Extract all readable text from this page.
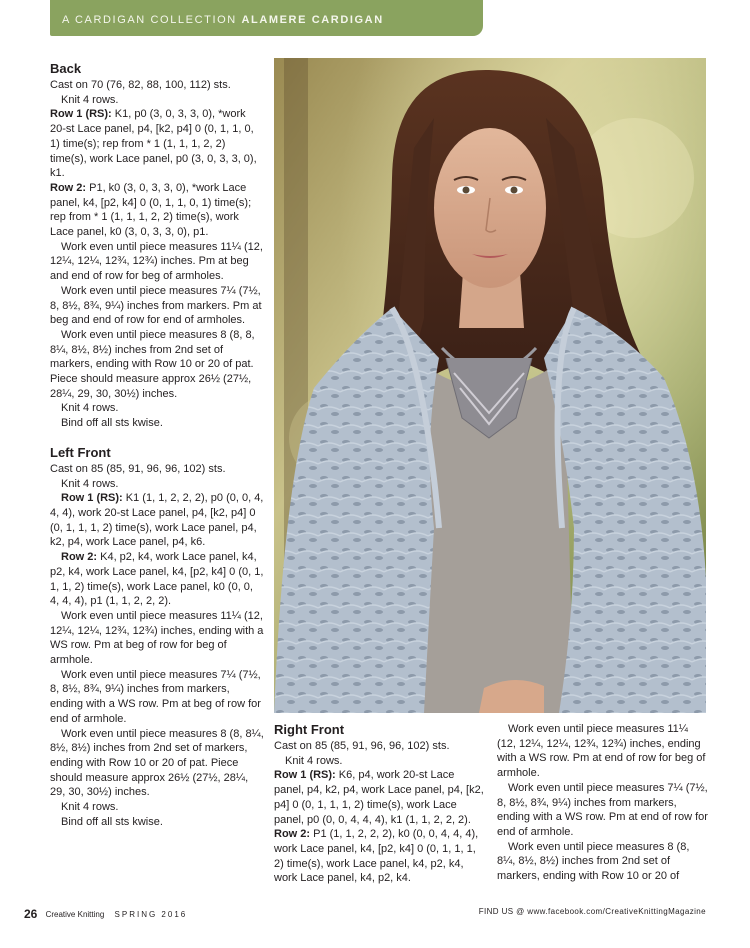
A CARDIGAN COLLECTION ALAMERE CARDIGAN
Back

Cast on 70 (76, 82, 88, 100, 112) sts.

Knit 4 rows.

Row 1 (RS): K1, p0 (3, 0, 3, 3, 0), *work 20-st Lace panel, p4, [k2, p4] 0 (0, 1, 1, 0, 1) time(s); rep from * 1 (1, 1, 1, 2, 2) time(s), work Lace panel, p0 (3, 0, 3, 3, 0), k1.

Row 2: P1, k0 (3, 0, 3, 3, 0), *work Lace panel, k4, [p2, k4] 0 (0, 1, 1, 0, 1) time(s); rep from * 1 (1, 1, 1, 2, 2) time(s), work Lace panel, k0 (3, 0, 3, 3, 0), p1.

Work even until piece measures 11¼ (12, 12¼, 12¼, 12¾, 12¾) inches. Pm at beg and end of row for beg of armholes.

Work even until piece measures 7¼ (7½, 8, 8½, 8¾, 9¼) inches from markers. Pm at beg and end of row for end of armholes.

Work even until piece measures 8 (8, 8, 8¼, 8½, 8½) inches from 2nd set of markers, ending with Row 10 or 20 of pat. Piece should measure approx 26½ (27½, 28¼, 29, 30, 30½) inches.

Knit 4 rows.

Bind off all sts kwise.

Left Front

Cast on 85 (85, 91, 96, 96, 102) sts.

Knit 4 rows.

Row 1 (RS): K1 (1, 1, 2, 2, 2), p0 (0, 0, 4, 4, 4), work 20-st Lace panel, p4, [k2, p4] 0 (0, 1, 1, 1, 2) time(s), work Lace panel, p4, k2, p4, work Lace panel, p4, k6.

Row 2: K4, p2, k4, work Lace panel, k4, p2, k4, work Lace panel, k4, [p2, k4] 0 (0, 1, 1, 1, 2) time(s), work Lace panel, k0 (0, 0, 4, 4, 4), p1 (1, 1, 2, 2, 2).

Work even until piece measures 11¼ (12, 12¼, 12¼, 12¾, 12¾) inches, ending with a WS row. Pm at beg of row for beg of armhole.

Work even until piece measures 7¼ (7½, 8, 8½, 8¾, 9¼) inches from markers, ending with a WS row. Pm at beg of row for end of armhole.

Work even until piece measures 8 (8, 8¼, 8½, 8½) inches from 2nd set of markers, ending with Row 10 or 20 of pat. Piece should measure approx 26½ (27½, 28¼, 29, 30, 30½) inches.

Knit 4 rows.

Bind off all sts kwise.

Right Front

Cast on 85 (85, 91, 96, 96, 102) sts.

Knit 4 rows.

Row 1 (RS): K6, p4, work 20-st Lace panel, p4, k2, p4, work Lace panel, p4, [k2, p4] 0 (0, 1, 1, 1, 2) time(s), work Lace panel, p0 (0, 0, 4, 4, 4), k1 (1, 1, 2, 2, 2).

Row 2: P1 (1, 1, 2, 2, 2), k0 (0, 0, 4, 4, 4), work Lace panel, k4, [p2, k4] 0 (0, 1, 1, 1, 2) time(s), work Lace panel, k4, p2, k4, work Lace panel, k4, p2, k4.

Work even until piece measures 11¼ (12, 12¼, 12¼, 12¾, 12¾) inches, ending with a WS row. Pm at end of row for beg of armhole.

Work even until piece measures 7¼ (7½, 8, 8½, 8¾, 9¼) inches from markers, ending with a WS row. Pm at end of row for end of armhole.

Work even until piece measures 8 (8, 8¼, 8½, 8½) inches from 2nd set of markers, ending with Row 10 or 20 of

26 Creative Knitting SPRING 2016	FIND US @ www.facebook.com/CreativeKnittingMagazine
